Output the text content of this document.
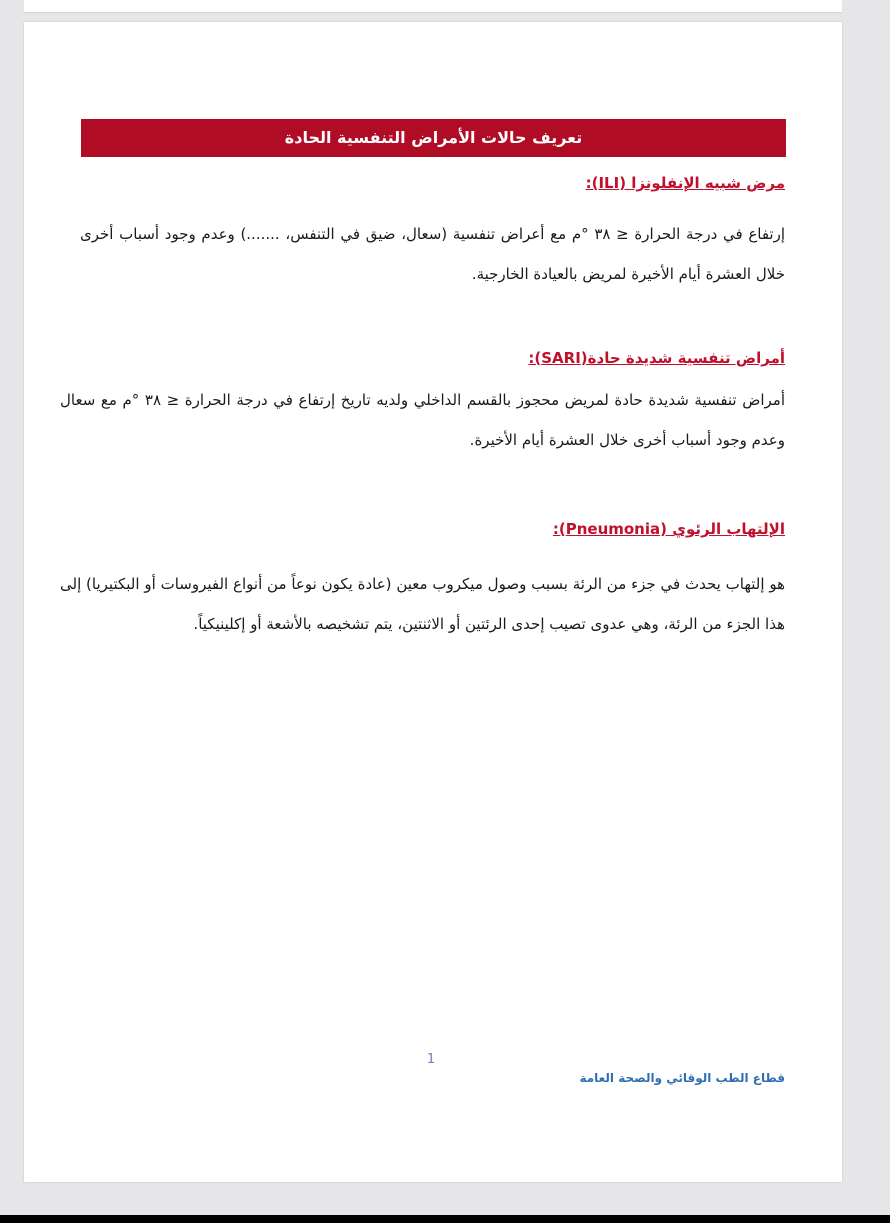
تعريف حالات الأمراض التنفسية الحادة
مرض شبيه الإنفلونزا (ILI):
إرتفاع في درجة الحرارة ≤ ٣٨ °م مع أعراض تنفسية (سعال، ضيق في التنفس، .......) وعدم وجود أسباب أخرى خلال العشرة أيام الأخيرة لمريض بالعيادة الخارجية.
أمراض تنفسية شديدة حادة(SARI):
أمراض تنفسية شديدة حادة لمريض محجوز بالقسم الداخلي ولديه تاريخ إرتفاع في درجة الحرارة ≤ ٣٨ °م مع سعال وعدم وجود أسباب أخرى خلال العشرة أيام الأخيرة.
الإلتهاب الرئوي (Pneumonia):
هو إلتهاب يحدث في جزء من الرئة بسبب وصول ميكروب معين (عادة يكون نوعاً من أنواع الفيروسات أو البكتيريا) إلى هذا الجزء من الرئة، وهي عدوى تصيب إحدى الرئتين أو الاثنتين، يتم تشخيصه بالأشعة أو إكلينيكياً.
1
قطاع الطب الوقائي والصحة العامة
